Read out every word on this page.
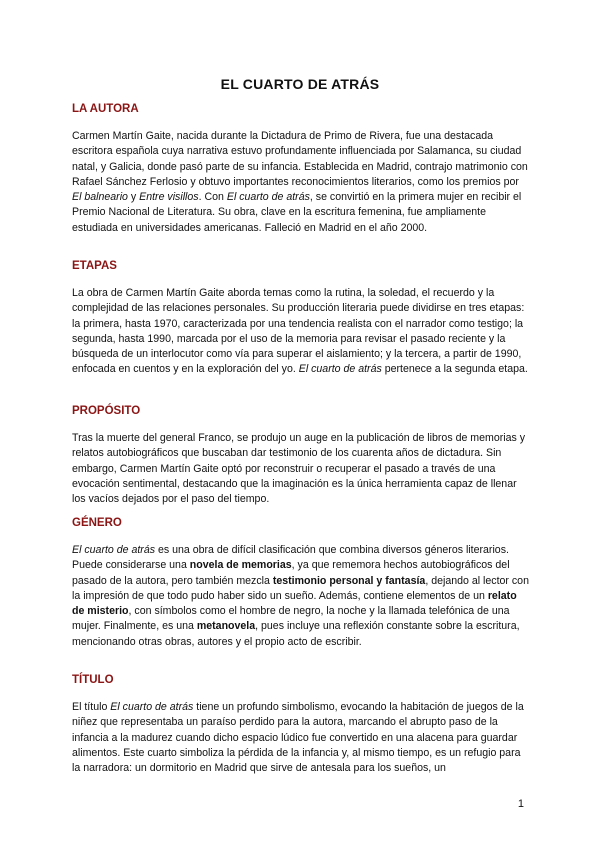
EL CUARTO DE ATRÁS
LA AUTORA

Carmen Martín Gaite, nacida durante la Dictadura de Primo de Rivera, fue una destacada escritora española cuya narrativa estuvo profundamente influenciada por Salamanca, su ciudad natal, y Galicia, donde pasó parte de su infancia. Establecida en Madrid, contrajo matrimonio con Rafael Sánchez Ferlosio y obtuvo importantes reconocimientos literarios, como los premios por El balneario y Entre visillos. Con El cuarto de atrás, se convirtió en la primera mujer en recibir el Premio Nacional de Literatura. Su obra, clave en la escritura femenina, fue ampliamente estudiada en universidades americanas. Falleció en Madrid en el año 2000.

ETAPAS

La obra de Carmen Martín Gaite aborda temas como la rutina, la soledad, el recuerdo y la complejidad de las relaciones personales. Su producción literaria puede dividirse en tres etapas: la primera, hasta 1970, caracterizada por una tendencia realista con el narrador como testigo; la segunda, hasta 1990, marcada por el uso de la memoria para revisar el pasado reciente y la búsqueda de un interlocutor como vía para superar el aislamiento; y la tercera, a partir de 1990, enfocada en cuentos y en la exploración del yo. El cuarto de atrás pertenece a la segunda etapa.

PROPÓSITO

Tras la muerte del general Franco, se produjo un auge en la publicación de libros de memorias y relatos autobiográficos que buscaban dar testimonio de los cuarenta años de dictadura. Sin embargo, Carmen Martín Gaite optó por reconstruir o recuperar el pasado a través de una evocación sentimental, destacando que la imaginación es la única herramienta capaz de llenar los vacíos dejados por el paso del tiempo.

GÉNERO

El cuarto de atrás es una obra de difícil clasificación que combina diversos géneros literarios. Puede considerarse una novela de memorias, ya que rememora hechos autobiográficos del pasado de la autora, pero también mezcla testimonio personal y fantasía, dejando al lector con la impresión de que todo pudo haber sido un sueño. Además, contiene elementos de un relato de misterio, con símbolos como el hombre de negro, la noche y la llamada telefónica de una mujer. Finalmente, es una metanovela, pues incluye una reflexión constante sobre la escritura, mencionando otras obras, autores y el propio acto de escribir.

TÍTULO

El título El cuarto de atrás tiene un profundo simbolismo, evocando la habitación de juegos de la niñez que representaba un paraíso perdido para la autora, marcando el abrupto paso de la infancia a la madurez cuando dicho espacio lúdico fue convertido en una alacena para guardar alimentos. Este cuarto simboliza la pérdida de la infancia y, al mismo tiempo, es un refugio para la narradora: un dormitorio en Madrid que sirve de antesala para los sueños, un

1
